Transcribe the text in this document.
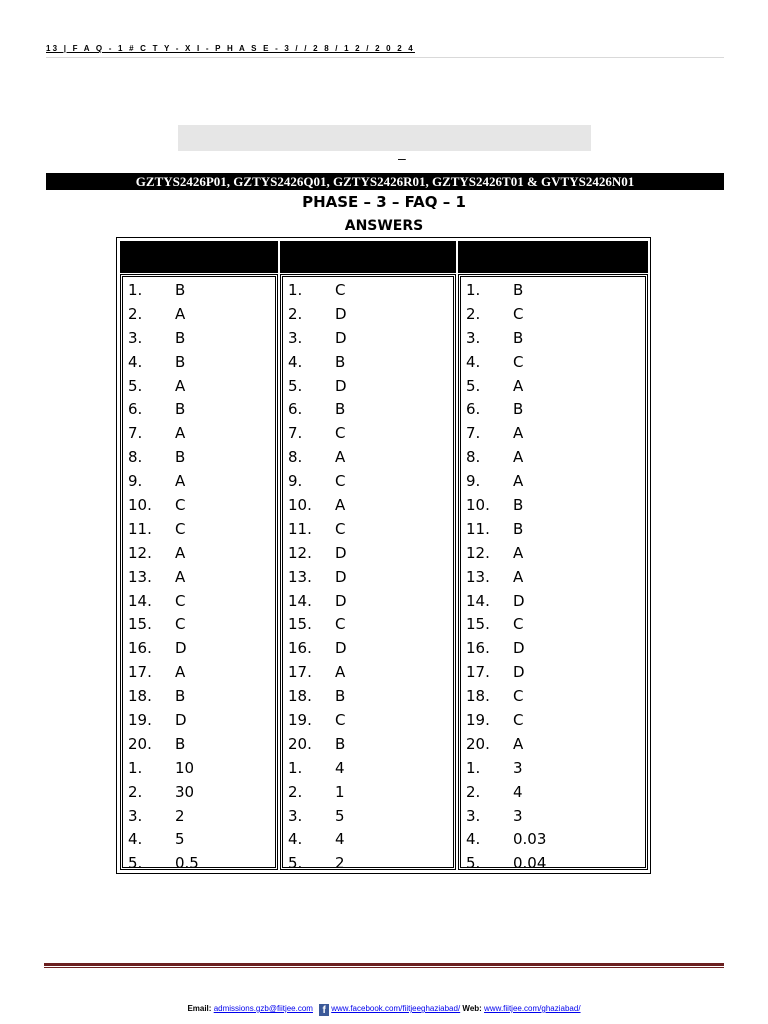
13 | F A Q - 1 # C T Y - X I - P H A S E - 3 / / 2 8 / 1 2 / 2 0 2 4
–
GZTYS2426P01, GZTYS2426Q01, GZTYS2426R01, GZTYS2426T01 & GVTYS2426N01
PHASE – 3 – FAQ – 1
ANSWERS
1. B
2. A
3. B
4. B
5. A
6. B
7. A
8. B
9. A
10. C
11. C
12. A
13. A
14. C
15. C
16. D
17. A
18. B
19. D
20. B
1. 10
2. 30
3. 2
4. 5
5. 0.5
1. C
2. D
3. D
4. B
5. D
6. B
7. C
8. A
9. C
10. A
11. C
12. D
13. D
14. D
15. C
16. D
17. A
18. B
19. C
20. B
1. 4
2. 1
3. 5
4. 4
5. 2
1. B
2. C
3. B
4. C
5. A
6. B
7. A
8. A
9. A
10. B
11. B
12. A
13. A
14. D
15. C
16. D
17. D
18. C
19. C
20. A
1. 3
2. 4
3. 3
4. 0.03
5. 0.04
Email: admissions.gzb@fiitjee.com f www.facebook.com/fiitjeeghaziabad/ Web: www.fiitjee.com/ghaziabad/
